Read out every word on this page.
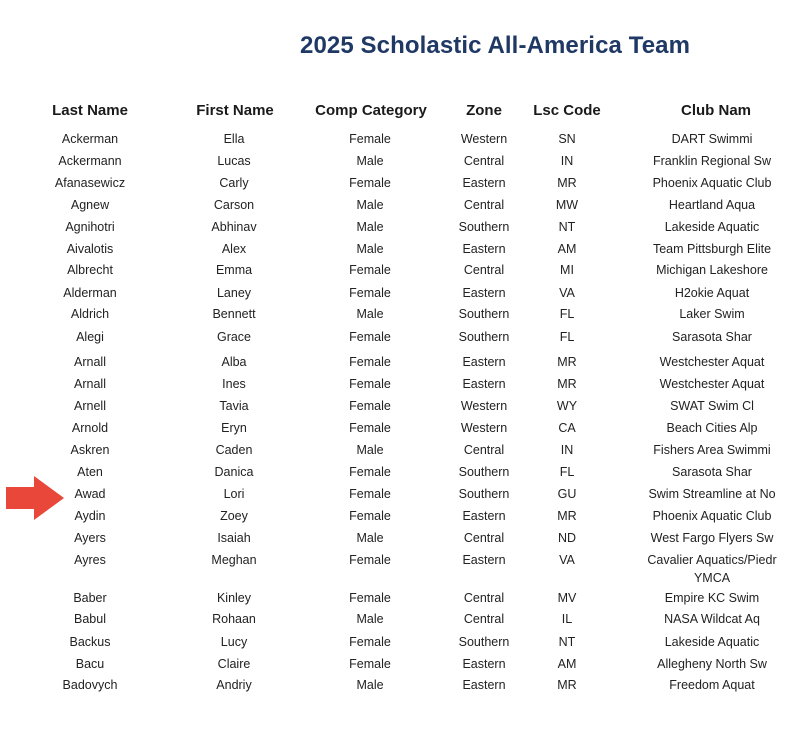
2025 Scholastic All-America Team
Last Name	First Name	Comp Category	Zone	Lsc Code	Club Nam
Ackerman	Ella	Female	Western	SN	DART Swimmi
Ackermann	Lucas	Male	Central	IN	Franklin Regional Sw
Afanasewicz	Carly	Female	Eastern	MR	Phoenix Aquatic Club
Agnew	Carson	Male	Central	MW	Heartland Aqua
Agnihotri	Abhinav	Male	Southern	NT	Lakeside Aquatic
Aivalotis	Alex	Male	Eastern	AM	Team Pittsburgh Elite
Albrecht	Emma	Female	Central	MI	Michigan Lakeshore
Alderman	Laney	Female	Eastern	VA	H2okie Aquat
Aldrich	Bennett	Male	Southern	FL	Laker Swim
Alegi	Grace	Female	Southern	FL	Sarasota Shar
Arnall	Alba	Female	Eastern	MR	Westchester Aquat
Arnall	Ines	Female	Eastern	MR	Westchester Aquat
Arnell	Tavia	Female	Western	WY	SWAT Swim Cl
Arnold	Eryn	Female	Western	CA	Beach Cities Alp
Askren	Caden	Male	Central	IN	Fishers Area Swimmi
Aten	Danica	Female	Southern	FL	Sarasota Shar
Awad	Lori	Female	Southern	GU	Swim Streamline at No
Aydin	Zoey	Female	Eastern	MR	Phoenix Aquatic Club
Ayers	Isaiah	Male	Central	ND	West Fargo Flyers Sw
Ayres	Meghan	Female	Eastern	VA	Cavalier Aquatics/Piedr
YMCA
Baber	Kinley	Female	Central	MV	Empire KC Swim
Babul	Rohaan	Male	Central	IL	NASA Wildcat Aq
Backus	Lucy	Female	Southern	NT	Lakeside Aquatic
Bacu	Claire	Female	Eastern	AM	Allegheny North Sw
Badovych	Andriy	Male	Eastern	MR	Freedom Aquat
